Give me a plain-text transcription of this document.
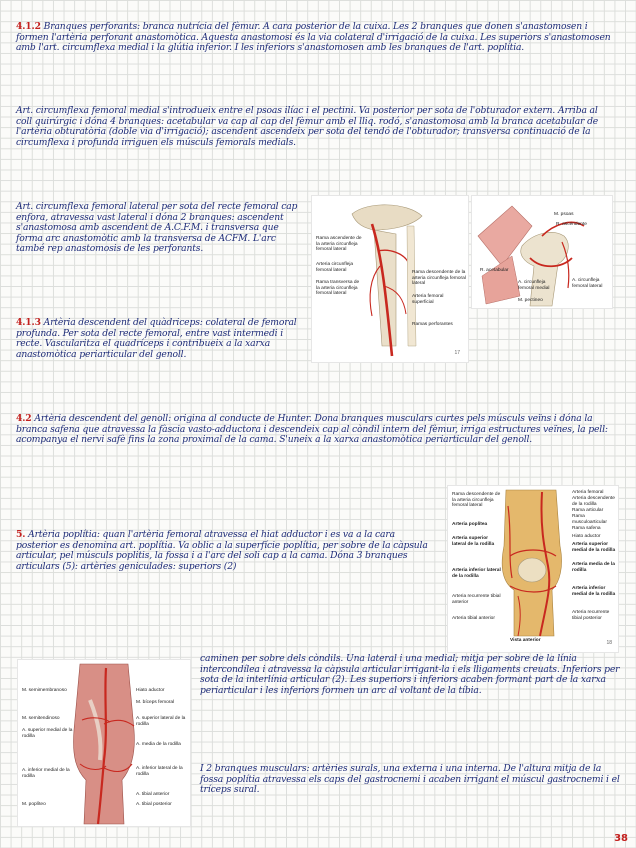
4.1.2 Branques perforants: branca nutrícia del fèmur. A cara posterior de la cuixa. Les 2 branques que donen s'anastomosen i formen l'artèria perforant anastomòtica. Aquesta anastomosi és la via colateral d'irrigació de la cuixa. Les superiors s'anastomosen amb l'art. circumflexa medial i la glútia inferior. I les inferiors s'anastomosen amb les branques de l'art. poplítia.

Art. circumflexa femoral medial s'introdueix entre el psoas ilíac i el pectini. Va posterior per sota de l'obturador extern. Arriba al coll quirúrgic i dóna 4 branques: acetabular va cap al cap del fèmur amb el lliq. rodó, s'anastomosa amb la branca acetabular de l'artèria obturatòria (doble via d'irrigació); ascendent ascendeix per sota del tendó de l'obturador; transversa continuació de la circumflexa i profunda irriguen els músculs femorals medials.

Art. circumflexa femoral lateral per sota del recte femoral cap enfora, atravessa vast lateral i dóna 2 branques: ascendent s'anastomosa amb ascendent de A.C.F.M. i transversa que forma arc anastomòtic amb la transversa de ACFM. L'arc també rep anastomosis de les perforants.

4.1.3 Artèria descendent del quàdriceps: colateral de femoral profunda. Per sota del recte femoral, entre vast intermedi i recte. Vascularitza el quadríceps i contribueix a la xarxa anastomòtica periarticular del genoll.

4.2 Artèria descendent del genoll: origina al conducte de Hunter. Dona branques musculars curtes pels músculs veïns i dóna la branca safena que atravessa la fàscia vasto-adductora i descendeix cap al còndil intern del fèmur, irriga estructures veïnes, la pell: acompanya el nervi safè fins la zona proximal de la cama. S'uneix a la xarxa anastomòtica periarticular del genoll.

5. Artèria poplítia: quan l'artèria femoral atravessa el hiat adductor i es va a la cara posterior es denomina art. poplítia. Va oblic a la superfície poplítia, per sobre de la càpsula articular, pel músculs poplitis, la fossa i a l'arc del soli cap a la cama. Dóna 3 branques articulars (5): artèries geniculades: superiors (2)

caminen per sobre dels còndils. Una lateral i una medial; mitja per sobre de la línia intercondílea i atravessa la càpsula articular irrigant-la i els lligaments creuats. Inferiors per sota de la interlínia articular (2). Les superiors i inferiors acaben formant part de la xarxa periarticular i les inferiors formen un arc al voltant de la tíbia.

I 2 branques musculars: artèries surals, una externa i una interna. De l'altura mitja de la fossa poplítia atravessa els caps del gastrocnemi i acaben irrigant el múscul gastrocnemi i el tríceps sural.

Rama ascendente de la arteria circunfleja femoral lateral
Arteria circunfleja femoral lateral
Rama transversa de la arteria circunfleja femoral lateral
Rama descendente de la arteria circunfleja femoral lateral
Arteria femoral superficial
Ramas perforantes
17
M. psoas
R. ascendente
R. acetabular
A. circunfleja femoral medial
A. circunfleja femoral lateral
M. pectineo
Rama descendente de la arteria circunfleja femoral lateral
Arteria poplítea
Arteria superior lateral de la rodilla
Arteria inferior lateral de la rodilla
Arteria recurrente tibial anterior
Arteria tibial anterior
Arteria femoral
Arteria descendente de la rodilla
Rama articular
Rama musculoarticular
Rama safena
Hiato aductor
Arteria superior medial de la rodilla
Arteria media de la rodilla
Arteria inferior medial de la rodilla
Arteria recurrente tibial posterior
Vista anterior	18
M. semimembranoso
M. semitendinoso
A. superior medial de la rodilla
A. inferior medial de la rodilla
M. poplíteo
Hiato aductor
M. bíceps femoral
A. superior lateral de la rodilla
A. media de la rodilla
A. inferior lateral de la rodilla
A. tibial anterior
A. tibial posterior
38
